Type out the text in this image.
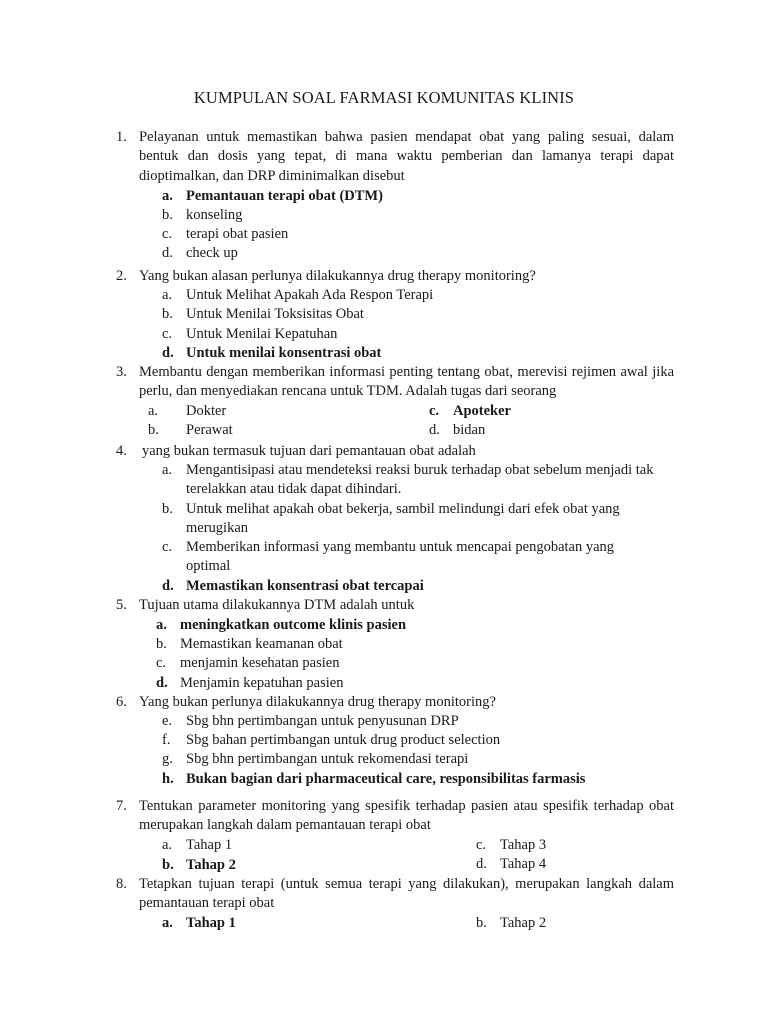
KUMPULAN SOAL FARMASI KOMUNITAS KLINIS
1. Pelayanan untuk memastikan bahwa pasien mendapat obat yang paling sesuai, dalam bentuk dan dosis yang tepat, di mana waktu pemberian dan lamanya terapi dapat dioptimalkan, dan DRP diminimalkan disebut
a. Pemantauan terapi obat (DTM)
b. konseling
c. terapi obat pasien
d. check up
2. Yang bukan alasan perlunya dilakukannya drug therapy monitoring?
a. Untuk Melihat Apakah Ada Respon Terapi
b. Untuk Menilai Toksisitas Obat
c. Untuk Menilai Kepatuhan
d. Untuk menilai konsentrasi obat
3. Membantu dengan memberikan informasi penting tentang obat, merevisi rejimen awal jika perlu, dan menyediakan rencana untuk TDM. Adalah tugas dari seorang
a. Dokter	c. Apoteker
b. Perawat	d. bidan
4. yang bukan termasuk tujuan dari pemantauan obat adalah
a. Mengantisipasi atau mendeteksi reaksi buruk terhadap obat sebelum menjadi tak terelakkan atau tidak dapat dihindari.
b. Untuk melihat apakah obat bekerja, sambil melindungi dari efek obat yang merugikan
c. Memberikan informasi yang membantu untuk mencapai pengobatan yang optimal
d. Memastikan konsentrasi obat tercapai
5. Tujuan utama dilakukannya DTM adalah untuk
a. meningkatkan outcome klinis pasien
b. Memastikan keamanan obat
c. menjamin kesehatan pasien
d. Menjamin kepatuhan pasien
6. Yang bukan perlunya dilakukannya drug therapy monitoring?
e. Sbg bhn pertimbangan untuk penyusunan DRP
f. Sbg bahan pertimbangan untuk drug product selection
g. Sbg bhn pertimbangan untuk rekomendasi terapi
h. Bukan bagian dari pharmaceutical care, responsibilitas farmasis
7. Tentukan parameter monitoring yang spesifik terhadap pasien atau spesifik terhadap obat merupakan langkah dalam pemantauan terapi obat
a. Tahap 1	c. Tahap 3
b. Tahap 2	d. Tahap 4
8. Tetapkan tujuan terapi (untuk semua terapi yang dilakukan), merupakan langkah dalam pemantauan terapi obat
a. Tahap 1	b. Tahap 2
